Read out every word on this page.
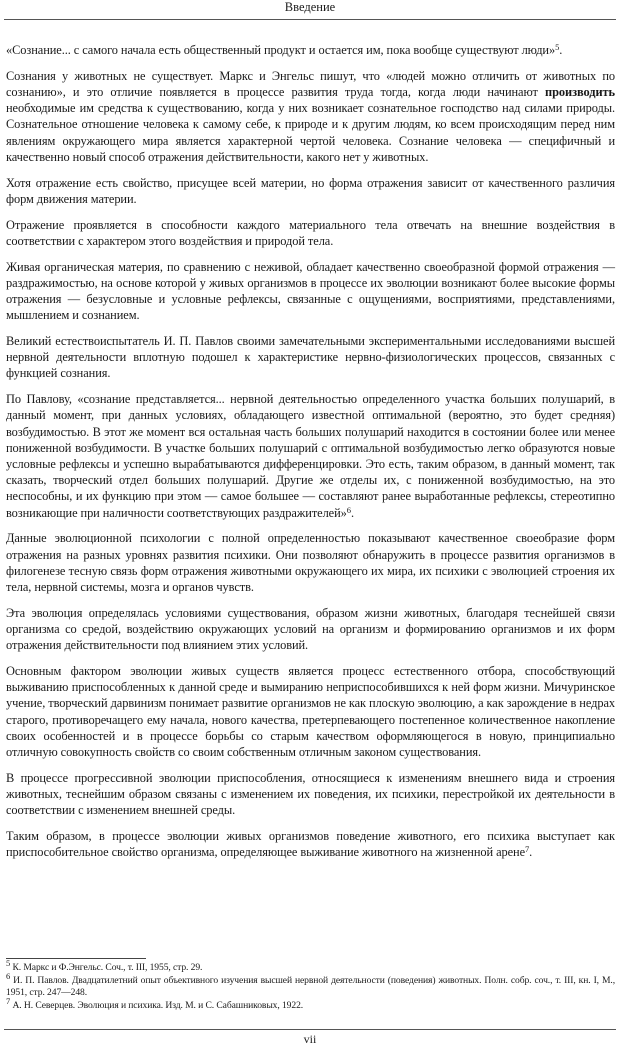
Введение

«Сознание... с самого начала есть общественный продукт и остается им, пока вообще существуют люди»$^5$.

Сознания у животных не существует. Маркс и Энгельс пишут, что «людей можно отличить от животных по сознанию», и это отличие появляется в процессе развития труда тогда, когда люди начинают производить необходимые им средства к существованию, когда у них возникает сознательное господство над силами природы. Сознательное отношение человека к самому себе, к природе и к другим людям, ко всем происходящим перед ним явлениям окружающего мира является характерной чертой человека. Сознание человека — специфичный и качественно новый способ отражения действительности, какого нет у животных.

Хотя отражение есть свойство, присущее всей материи, но форма отражения зависит от качественного различия форм движения материи.

Отражение проявляется в способности каждого материального тела отвечать на внешние воздействия в соответствии с характером этого воздействия и природой тела.

Живая органическая материя, по сравнению с неживой, обладает качественно своеобразной формой отражения — раздражимостью, на основе которой у живых организмов в процессе их эволюции возникают более высокие формы отражения — безусловные и условные рефлексы, связанные с ощущениями, восприятиями, представлениями, мышлением и сознанием.

Великий естествоиспытатель И. П. Павлов своими замечательными экспериментальными исследованиями высшей нервной деятельности вплотную подошел к характеристике нервно-физиологических процессов, связанных с функцией сознания.

По Павлову, «сознание представляется... нервной деятельностью определенного участка больших полушарий, в данный момент, при данных условиях, обладающего известной оптимальной (вероятно, это будет средняя) возбудимостью. В этот же момент вся остальная часть больших полушарий находится в состоянии более или менее пониженной возбудимости. В участке больших полушарий с оптимальной возбудимостью легко образуются новые условные рефлексы и успешно вырабатываются дифференцировки. Это есть, таким образом, в данный момент, так сказать, творческий отдел больших полушарий. Другие же отделы их, с пониженной возбудимостью, на это неспособны, и их функцию при этом — самое большее — составляют ранее выработанные рефлексы, стереотипно возникающие при наличности соответствующих раздражителей»$^6$.

Данные эволюционной психологии с полной определенностью показывают качественное своеобразие форм отражения на разных уровнях развития психики. Они позволяют обнаружить в процессе развития организмов в филогенезе тесную связь форм отражения животными окружающего их мира, их психики с эволюцией строения их тела, нервной системы, мозга и органов чувств.

Эта эволюция определялась условиями существования, образом жизни животных, благодаря теснейшей связи организма со средой, воздействию окружающих условий на организм и формированию организмов и их форм отражения действительности под влиянием этих условий.

Основным фактором эволюции живых существ является процесс естественного отбора, способствующий выживанию приспособленных к данной среде и вымиранию неприспособившихся к ней форм жизни. Мичуринское учение, творческий дарвинизм понимает развитие организмов не как плоскую эволюцию, а как зарождение в недрах старого, противоречащего ему начала, нового качества, претерпевающего постепенное количественное накопление своих особенностей и в процессе борьбы со старым качеством оформляющегося в новую, принципиально отличную совокупность свойств со своим собственным отличным законом существования.

В процессе прогрессивной эволюции приспособления, относящиеся к изменениям внешнего вида и строения животных, теснейшим образом связаны с изменением их поведения, их психики, перестройкой их деятельности в соответствии с изменением внешней среды.

Таким образом, в процессе эволюции живых организмов поведение животного, его психика выступает как приспособительное свойство организма, определяющее выживание животного на жизненной арене$^7$.

$^5$ К. Маркс и Ф.Энгельс. Соч., т. III, 1955, стр. 29.
$^6$ И. П. Павлов. Двадцатилетний опыт объективного изучения высшей нервной деятельности (поведения) животных. Полн. собр. соч., т. III, кн. I, М., 1951, стр. 247—248.
$^7$ А. Н. Северцев. Эволюция и психика. Изд. М. и С. Сабашниковых, 1922.
vii
